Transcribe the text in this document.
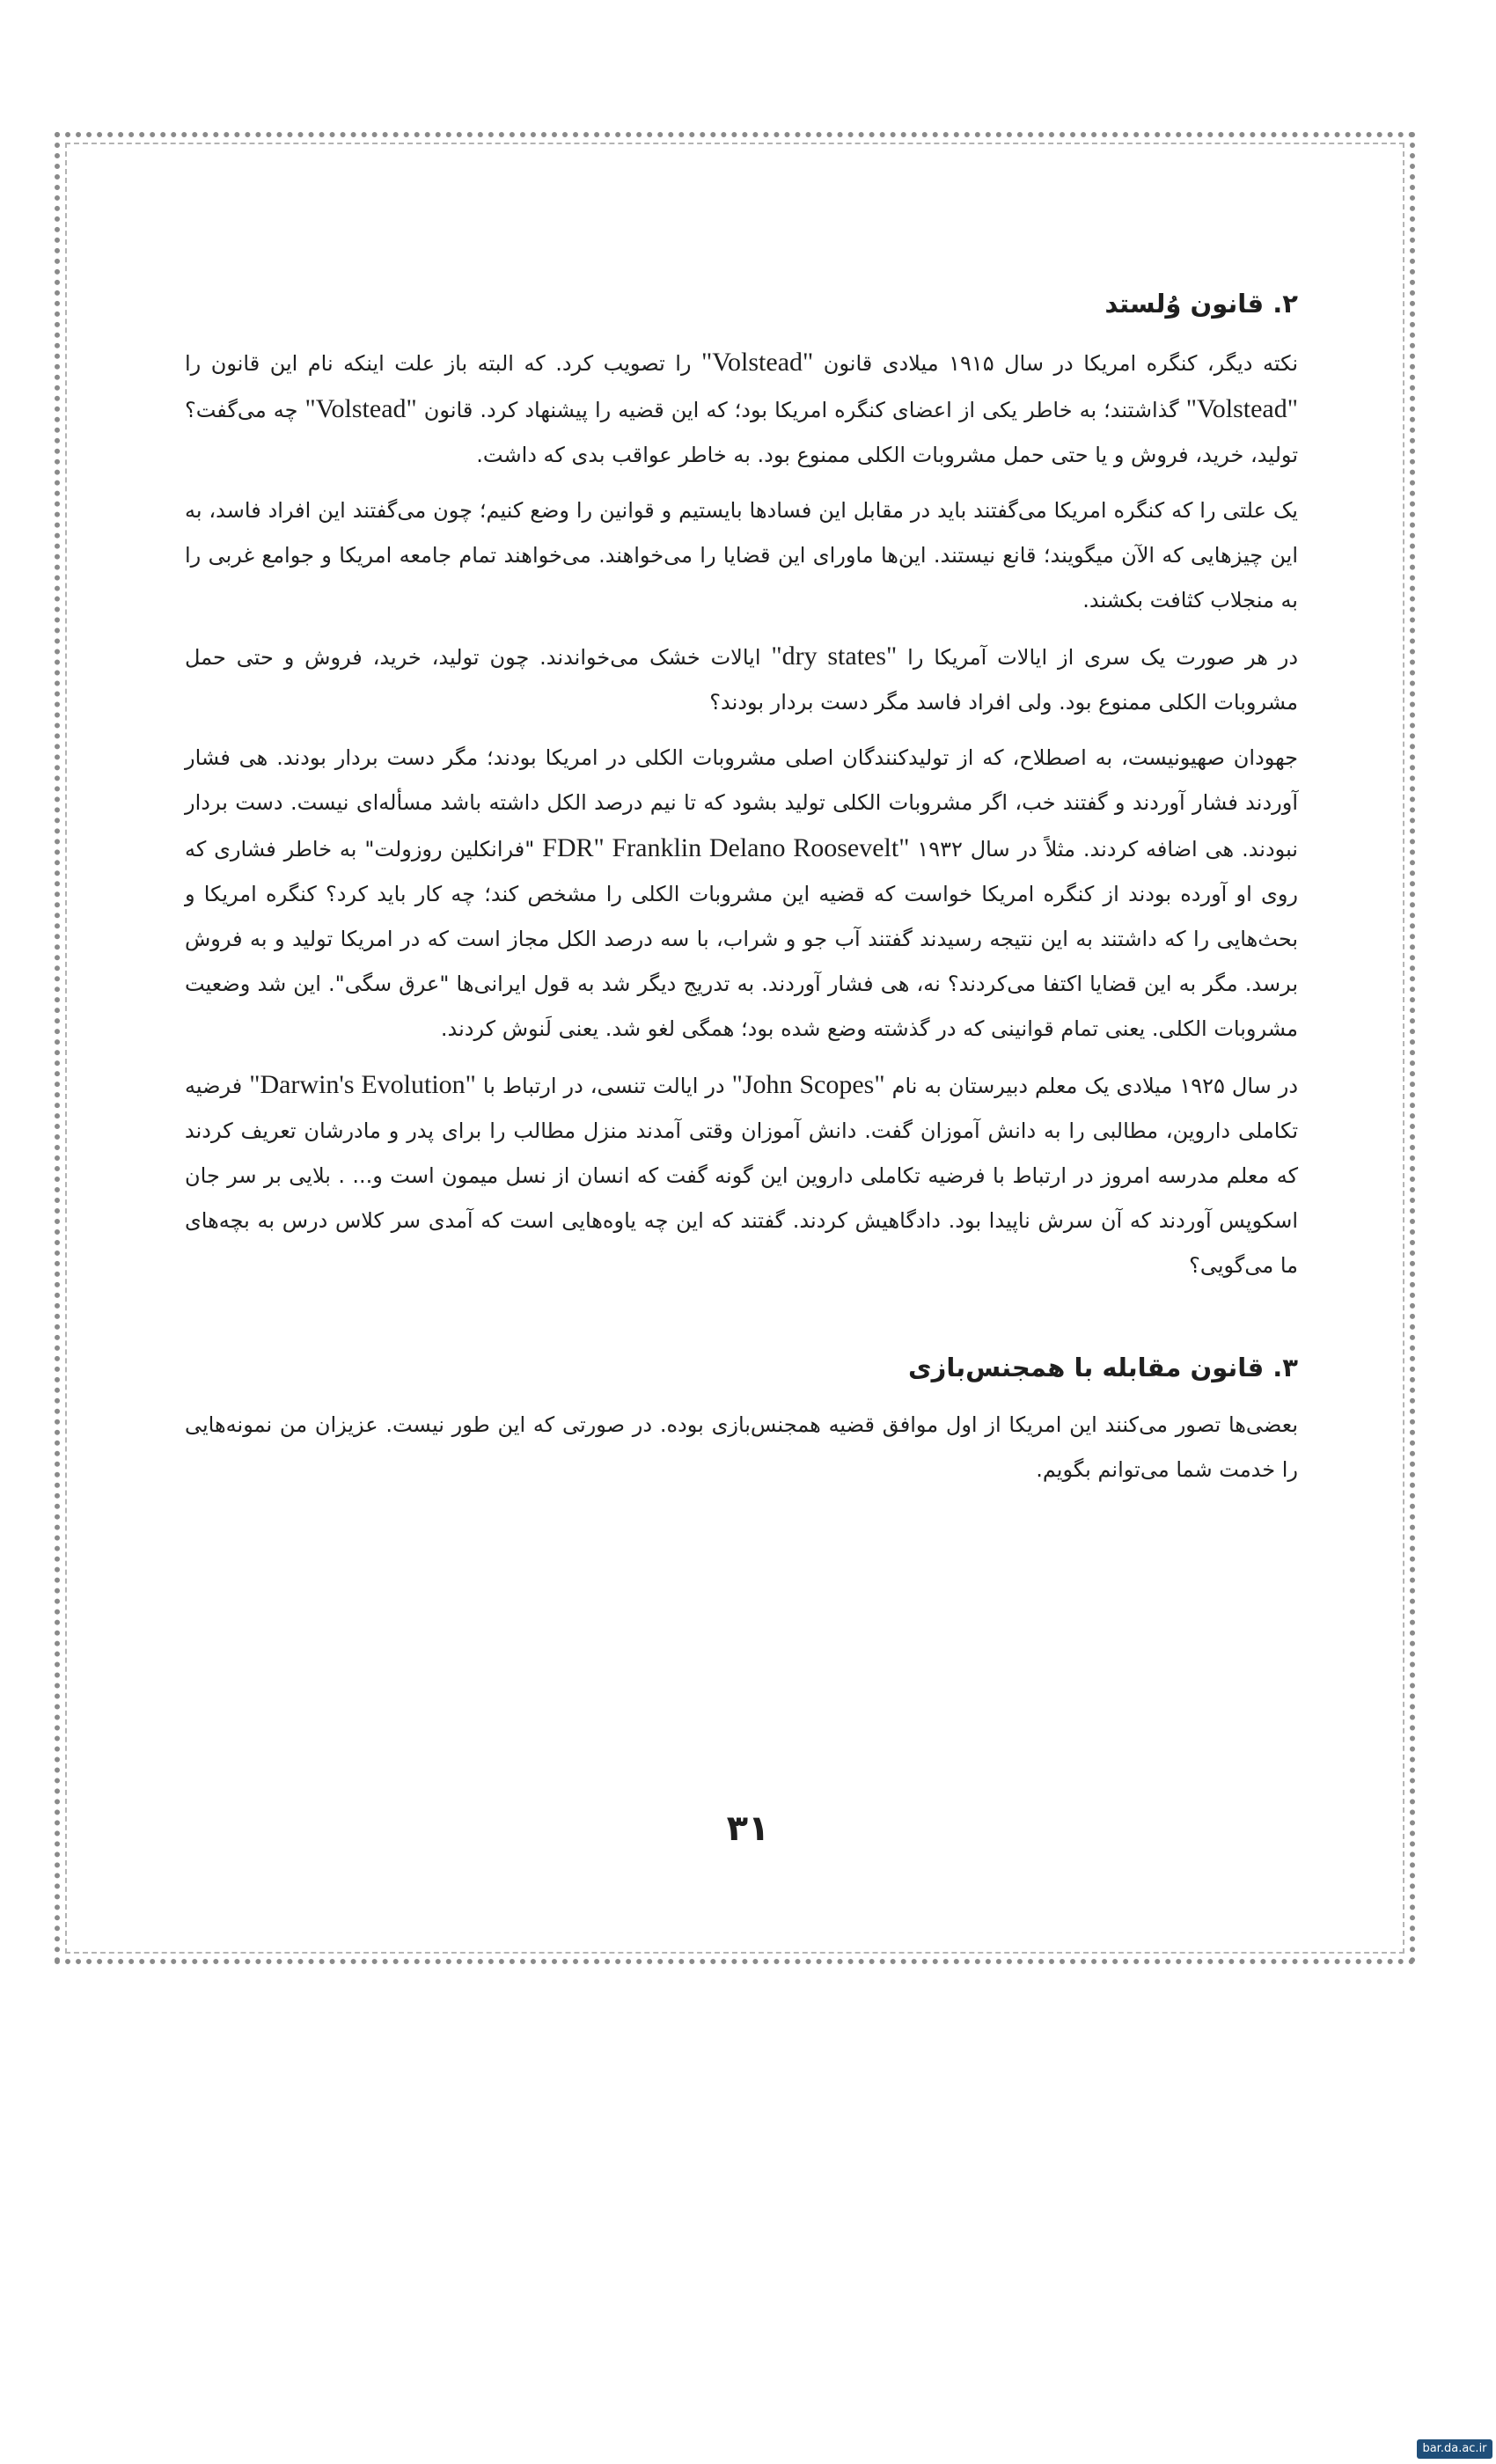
۲. قانون وُلستد

نکته دیگر، کنگره امریکا در سال ۱۹۱۵ میلادی قانون "Volstead" را تصویب کرد. که البته باز علت اینکه نام این قانون را "Volstead" گذاشتند؛ به خاطر یکی از اعضای کنگره امریکا بود؛ که این قضیه را پیشنهاد کرد. قانون "Volstead" چه می‌گفت؟ تولید، خرید، فروش و یا حتی حمل مشروبات الکلی ممنوع بود. به خاطر عواقب بدی که داشت.

یک علتی را که کنگره امریکا می‌گفتند باید در مقابل این فسادها بایستیم و قوانین را وضع کنیم؛ چون می‌گفتند این افراد فاسد، به این چیزهایی که الآن میگویند؛ قانع نیستند. این‌ها ماورای این قضایا را می‌خواهند. می‌خواهند تمام جامعه امریکا و جوامع غربی را به منجلاب کثافت بکشند.

در هر صورت یک سری از ایالات آمریکا را "dry states" ایالات خشک می‌خواندند. چون تولید، خرید، فروش و حتی حمل مشروبات الکلی ممنوع بود. ولی افراد فاسد مگر دست بردار بودند؟

جهودان صهیونیست، به اصطلاح، که از تولیدکنندگان اصلی مشروبات الکلی در امریکا بودند؛ مگر دست بردار بودند. هی فشار آوردند فشار آوردند و گفتند خب، اگر مشروبات الکلی تولید بشود که تا نیم درصد الکل داشته باشد مسأله‌ای نیست. دست بردار نبودند. هی اضافه کردند. مثلاً در سال ۱۹۳۲ "FDR" Franklin Delano Roosevelt "فرانکلین روزولت" به خاطر فشاری که روی او آورده بودند از کنگره امریکا خواست که قضیه این مشروبات الکلی را مشخص کند؛ چه کار باید کرد؟ کنگره امریکا و بحث‌هایی را که داشتند به این نتیجه رسیدند گفتند آب جو و شراب، با سه درصد الکل مجاز است که در امریکا تولید و به فروش برسد. مگر به این قضایا اکتفا می‌کردند؟ نه، هی فشار آوردند. به تدریج دیگر شد به قول ایرانی‌ها "عرق سگی". این شد وضعیت مشروبات الکلی. یعنی تمام قوانینی که در گذشته وضع شده بود؛ همگی لغو شد. یعنی لَنوش کردند.

در سال ۱۹۲۵ میلادی یک معلم دبیرستان به نام "John Scopes" در ایالت تنسی، در ارتباط با "Darwin's Evolution" فرضیه تکاملی داروین، مطالبی را به دانش آموزان گفت. دانش آموزان وقتی آمدند منزل مطالب را برای پدر و مادرشان تعریف کردند که معلم مدرسه امروز در ارتباط با فرضیه تکاملی داروین این گونه گفت که انسان از نسل میمون است و... . بلایی بر سر جان اسکوپس آوردند که آن سرش ناپیدا بود. دادگاهیش کردند. گفتند که این چه یاوه‌هایی است که آمدی سر کلاس درس به بچه‌های ما می‌گویی؟

۳. قانون مقابله با همجنس‌بازی

بعضی‌ها تصور می‌کنند این امریکا از اول موافق قضیه همجنس‌بازی بوده. در صورتی که این طور نیست. عزیزان من نمونه‌هایی را خدمت شما می‌توانم بگویم.

۳۱
bar.da.ac.ir
